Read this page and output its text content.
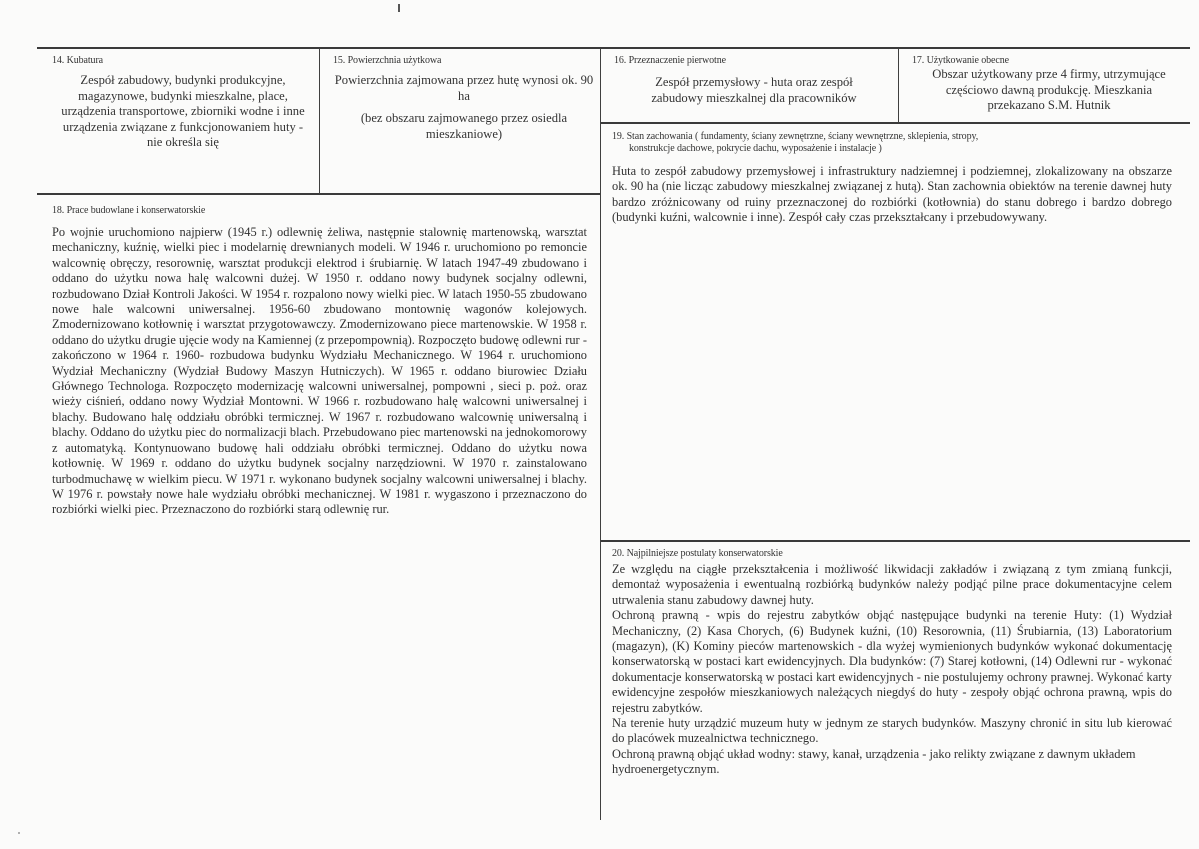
14. Kubatura
Zespół zabudowy, budynki produkcyjne, magazynowe, budynki mieszkalne, place, urządzenia transportowe, zbiorniki wodne i inne urządzenia związane z funkcjonowaniem huty - nie określa się
15. Powierzchnia użytkowa
Powierzchnia zajmowana przez hutę wynosi ok. 90 ha
(bez obszaru zajmowanego przez osiedla mieszkaniowe)
16. Przeznaczenie pierwotne
Zespół przemysłowy - huta oraz zespół zabudowy mieszkalnej dla pracowników
17. Użytkowanie obecne
Obszar użytkowany prze 4 firmy, utrzymujące częściowo dawną produkcję. Mieszkania przekazano S.M. Hutnik
18. Prace budowlane i konserwatorskie
Po wojnie uruchomiono najpierw (1945 r.) odlewnię żeliwa, następnie stalownię martenowską, warsztat mechaniczny, kuźnię, wielki piec i modelarnię drewnianych modeli. W 1946 r. uruchomiono po remoncie walcownię obręczy, resorownię, warsztat produkcji elektrod i śrubiarnię. W latach 1947-49 zbudowano i oddano do użytku nowa halę walcowni dużej. W 1950 r. oddano nowy budynek socjalny odlewni, rozbudowano Dział Kontroli Jakości. W 1954 r. rozpalono nowy wielki piec. W latach 1950-55 zbudowano nowe hale walcowni uniwersalnej. 1956-60 zbudowano montownię wagonów kolejowych. Zmodernizowano kotłownię i warsztat przygotowawczy. Zmodernizowano piece martenowskie. W 1958 r. oddano do użytku drugie ujęcie wody na Kamiennej (z przepompownią). Rozpoczęto budowę odlewni rur - zakończono w 1964 r. 1960- rozbudowa budynku Wydziału Mechanicznego. W 1964 r. uruchomiono Wydział Mechaniczny (Wydział Budowy Maszyn Hutniczych). W 1965 r. oddano biurowiec Działu Głównego Technologa. Rozpoczęto modernizację walcowni uniwersalnej, pompowni , sieci p. poż. oraz wieży ciśnień, oddano nowy Wydział Montowni. W 1966 r. rozbudowano halę walcowni uniwersalnej i blachy. Budowano halę oddziału obróbki termicznej. W 1967 r. rozbudowano walcownię uniwersalną i blachy. Oddano do użytku piec do normalizacji blach. Przebudowano piec martenowski na jednokomorowy z automatyką. Kontynuowano budowę hali oddziału obróbki termicznej. Oddano do użytku nowa kotłownię. W 1969 r. oddano do użytku budynek socjalny narzędziowni. W 1970 r. zainstalowano turbodmuchawę w wielkim piecu. W 1971 r. wykonano budynek socjalny walcowni uniwersalnej i blachy. W 1976 r. powstały nowe hale wydziału obróbki mechanicznej. W 1981 r. wygaszono i przeznaczono do rozbiórki wielki piec. Przeznaczono do rozbiórki starą odlewnię rur.
19. Stan zachowania ( fundamenty, ściany zewnętrzne, ściany wewnętrzne, sklepienia, stropy,
konstrukcje dachowe, pokrycie dachu, wyposażenie i instalacje )
Huta to zespół zabudowy przemysłowej i infrastruktury nadziemnej i podziemnej, zlokalizowany na obszarze ok. 90 ha (nie licząc zabudowy mieszkalnej związanej z hutą). Stan zachownia obiektów na terenie dawnej huty bardzo zróżnicowany od ruiny przeznaczonej do rozbiórki (kotłownia) do stanu dobrego i bardzo dobrego (budynki kuźni, walcownie i inne). Zespół cały czas przekształcany i przebudowywany.
20. Najpilniejsze postulaty konserwatorskie

Ze względu na ciągłe przekształcenia i możliwość likwidacji zakładów i związaną z tym zmianą funkcji, demontaż wyposażenia i ewentualną rozbiórką budynków należy podjąć pilne prace dokumentacyjne celem utrwalenia stanu zabudowy dawnej huty.

Ochroną prawną - wpis do rejestru zabytków objąć następujące budynki na terenie Huty: (1) Wydział Mechaniczny, (2) Kasa Chorych, (6) Budynek kuźni, (10) Resorownia, (11) Śrubiarnia, (13) Laboratorium (magazyn), (K) Kominy pieców martenowskich - dla wyżej wymienionych budynków wykonać dokumentację konserwatorską w postaci kart ewidencyjnych. Dla budynków: (7) Starej kotłowni, (14) Odlewni rur - wykonać dokumentacje konserwatorską w postaci kart ewidencyjnych - nie postulujemy ochrony prawnej. Wykonać karty ewidencyjne zespołów mieszkaniowych należących niegdyś do huty - zespoły objąć ochrona prawną, wpis do rejestru zabytków.

Na terenie huty urządzić muzeum huty w jednym ze starych budynków. Maszyny chronić in situ lub kierować do placówek muzealnictwa technicznego.

Ochroną prawną objąć układ wodny: stawy, kanał, urządzenia - jako relikty związane z dawnym układem hydroenergetycznym.
